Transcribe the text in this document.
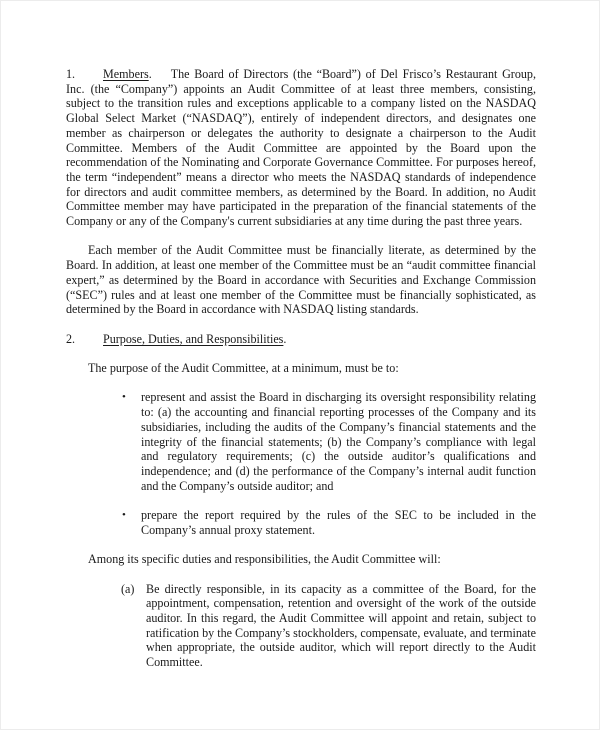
1. Members. The Board of Directors (the “Board”) of Del Frisco’s Restaurant Group, Inc. (the “Company”) appoints an Audit Committee of at least three members, consisting, subject to the transition rules and exceptions applicable to a company listed on the NASDAQ Global Select Market (“NASDAQ”), entirely of independent directors, and designates one member as chairperson or delegates the authority to designate a chairperson to the Audit Committee. Members of the Audit Committee are appointed by the Board upon the recommendation of the Nominating and Corporate Governance Committee. For purposes hereof, the term “independent” means a director who meets the NASDAQ standards of independence for directors and audit committee members, as determined by the Board. In addition, no Audit Committee member may have participated in the preparation of the financial statements of the Company or any of the Company's current subsidiaries at any time during the past three years.

Each member of the Audit Committee must be financially literate, as determined by the Board. In addition, at least one member of the Committee must be an “audit committee financial expert,” as determined by the Board in accordance with Securities and Exchange Commission (“SEC”) rules and at least one member of the Committee must be financially sophisticated, as determined by the Board in accordance with NASDAQ listing standards.

2. Purpose, Duties, and Responsibilities.

The purpose of the Audit Committee, at a minimum, must be to:

• represent and assist the Board in discharging its oversight responsibility relating to: (a) the accounting and financial reporting processes of the Company and its subsidiaries, including the audits of the Company’s financial statements and the integrity of the financial statements; (b) the Company’s compliance with legal and regulatory requirements; (c) the outside auditor’s qualifications and independence; and (d) the performance of the Company’s internal audit function and the Company’s outside auditor; and
• prepare the report required by the rules of the SEC to be included in the Company’s annual proxy statement.

Among its specific duties and responsibilities, the Audit Committee will:

(a) Be directly responsible, in its capacity as a committee of the Board, for the appointment, compensation, retention and oversight of the work of the outside auditor. In this regard, the Audit Committee will appoint and retain, subject to ratification by the Company’s stockholders, compensate, evaluate, and terminate when appropriate, the outside auditor, which will report directly to the Audit Committee.
